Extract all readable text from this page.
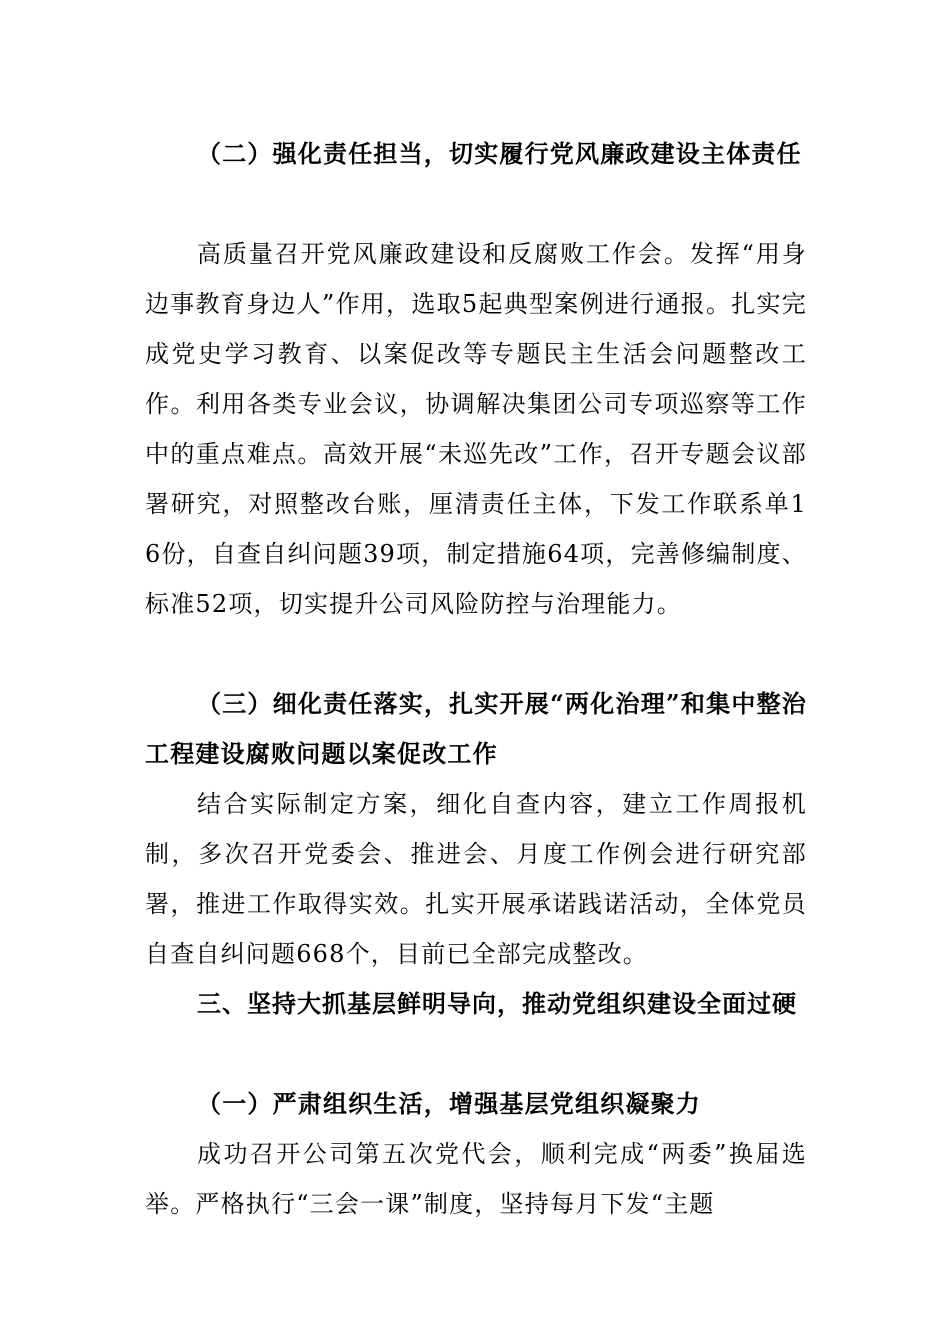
（二）强化责任担当，切实履行党风廉政建设主体责任

高质量召开党风廉政建设和反腐败工作会。发挥“用身边事教育身边人”作用，选取5起典型案例进行通报。扎实完成党史学习教育、以案促改等专题民主生活会问题整改工作。利用各类专业会议，协调解决集团公司专项巡察等工作中的重点难点。高效开展“未巡先改”工作，召开专题会议部署研究，对照整改台账，厘清责任主体，下发工作联系单16份，自查自纠问题39项，制定措施64项，完善修编制度、标准52项，切实提升公司风险防控与治理能力。

（三）细化责任落实，扎实开展“两化治理”和集中整治工程建设腐败问题以案促改工作

结合实际制定方案，细化自查内容，建立工作周报机制，多次召开党委会、推进会、月度工作例会进行研究部署，推进工作取得实效。扎实开展承诺践诺活动，全体党员自查自纠问题668个，目前已全部完成整改。

三、坚持大抓基层鲜明导向，推动党组织建设全面过硬

（一）严肃组织生活，增强基层党组织凝聚力

成功召开公司第五次党代会，顺利完成“两委”换届选举。严格执行“三会一课”制度，坚持每月下发“主题
